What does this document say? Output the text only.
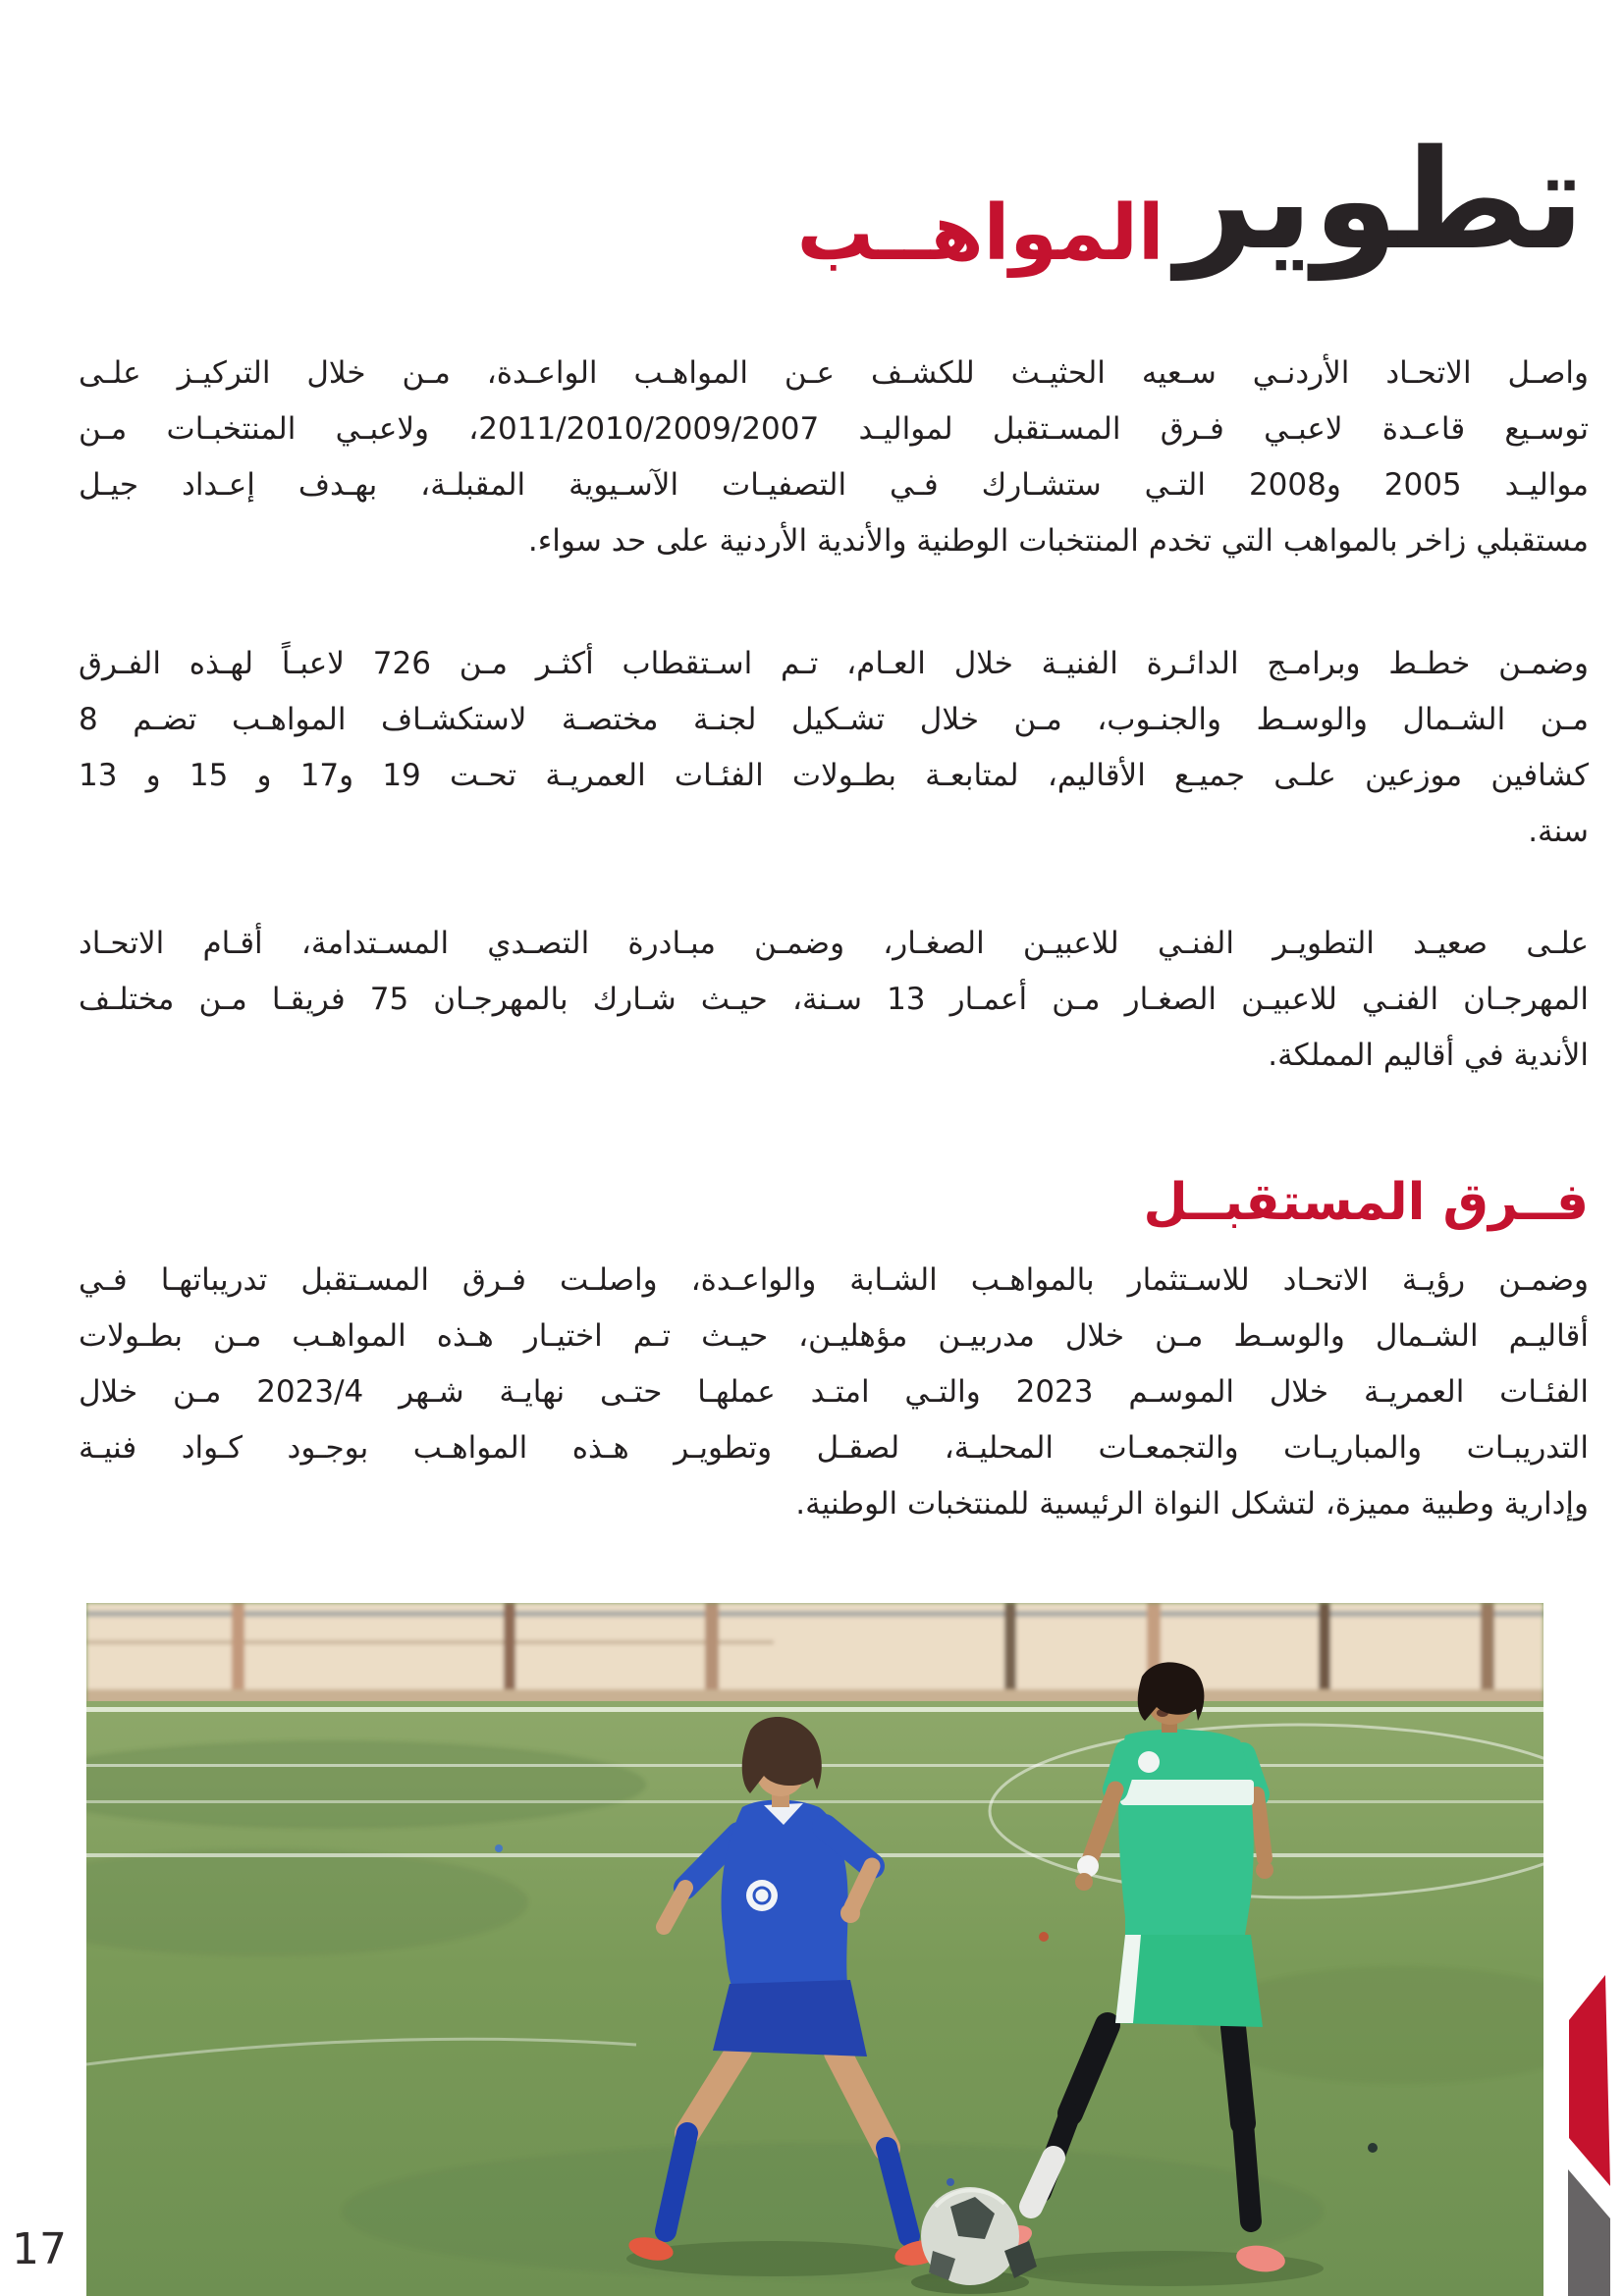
تطوير
المواهــب
واصـل الاتحـاد الأردنـي سـعيه الحثيـث للكشـف عـن المواهـب الواعـدة، مـن خلال التركيـز علـى
توسـيع قاعـدة لاعبـي فـرق المسـتقبل لمواليـد 2011/2010/2009/2007، ولاعبـي المنتخبـات مـن
مواليـد 2005 و2008 التـي ستشـارك فـي التصفيـات الآسـيوية المقبلـة، بهـدف إعـداد جيـل
مستقبلي زاخر بالمواهب التي تخدم المنتخبات الوطنية والأندية الأردنية على حد سواء.
وضمـن خطـط وبرامـج الدائـرة الفنيـة خلال العـام، تـم اسـتقطاب أكثـر مـن 726 لاعبـاً لهـذه الفـرق
مـن الشـمال والوسـط والجنـوب، مـن خلال تشـكيل لجنـة مختصـة لاستكشـاف المواهـب تضـم 8
كشافين موزعين علـى جميـع الأقاليم، لمتابعـة بطـولات الفئـات العمريـة تحـت 19 و17 و 15 و 13
سنة.
علـى صعيـد التطويـر الفنـي للاعبيـن الصغـار، وضمـن مبـادرة التصـدي المسـتدامة، أقـام الاتحـاد
المهرجـان الفنـي للاعبيـن الصغـار مـن أعمـار 13 سـنة، حيـث شـارك بالمهرجـان 75 فريقـا مـن مختلـف
الأندية في أقاليم المملكة.
فــرق المستقبــل
وضمـن رؤيـة الاتحـاد للاسـتثمار بالمواهـب الشـابة والواعـدة، واصلـت فـرق المسـتقبل تدريباتهـا فـي
أقاليـم الشـمال والوسـط مـن خلال مدربيـن مؤهليـن، حيـث تـم اختيـار هـذه المواهـب مـن بطـولات
الفئـات العمريـة خلال الموسـم 2023 والتـي امتـد عملهـا حتـى نهايـة شـهر 2023/4 مـن خلال
التدريبـات والمباريـات والتجمعـات المحليـة، لصقـل وتطويـر هـذه المواهـب بوجـود كـواد فنيـة
وإدارية وطبية مميزة، لتشكل النواة الرئيسية للمنتخبات الوطنية.
17
